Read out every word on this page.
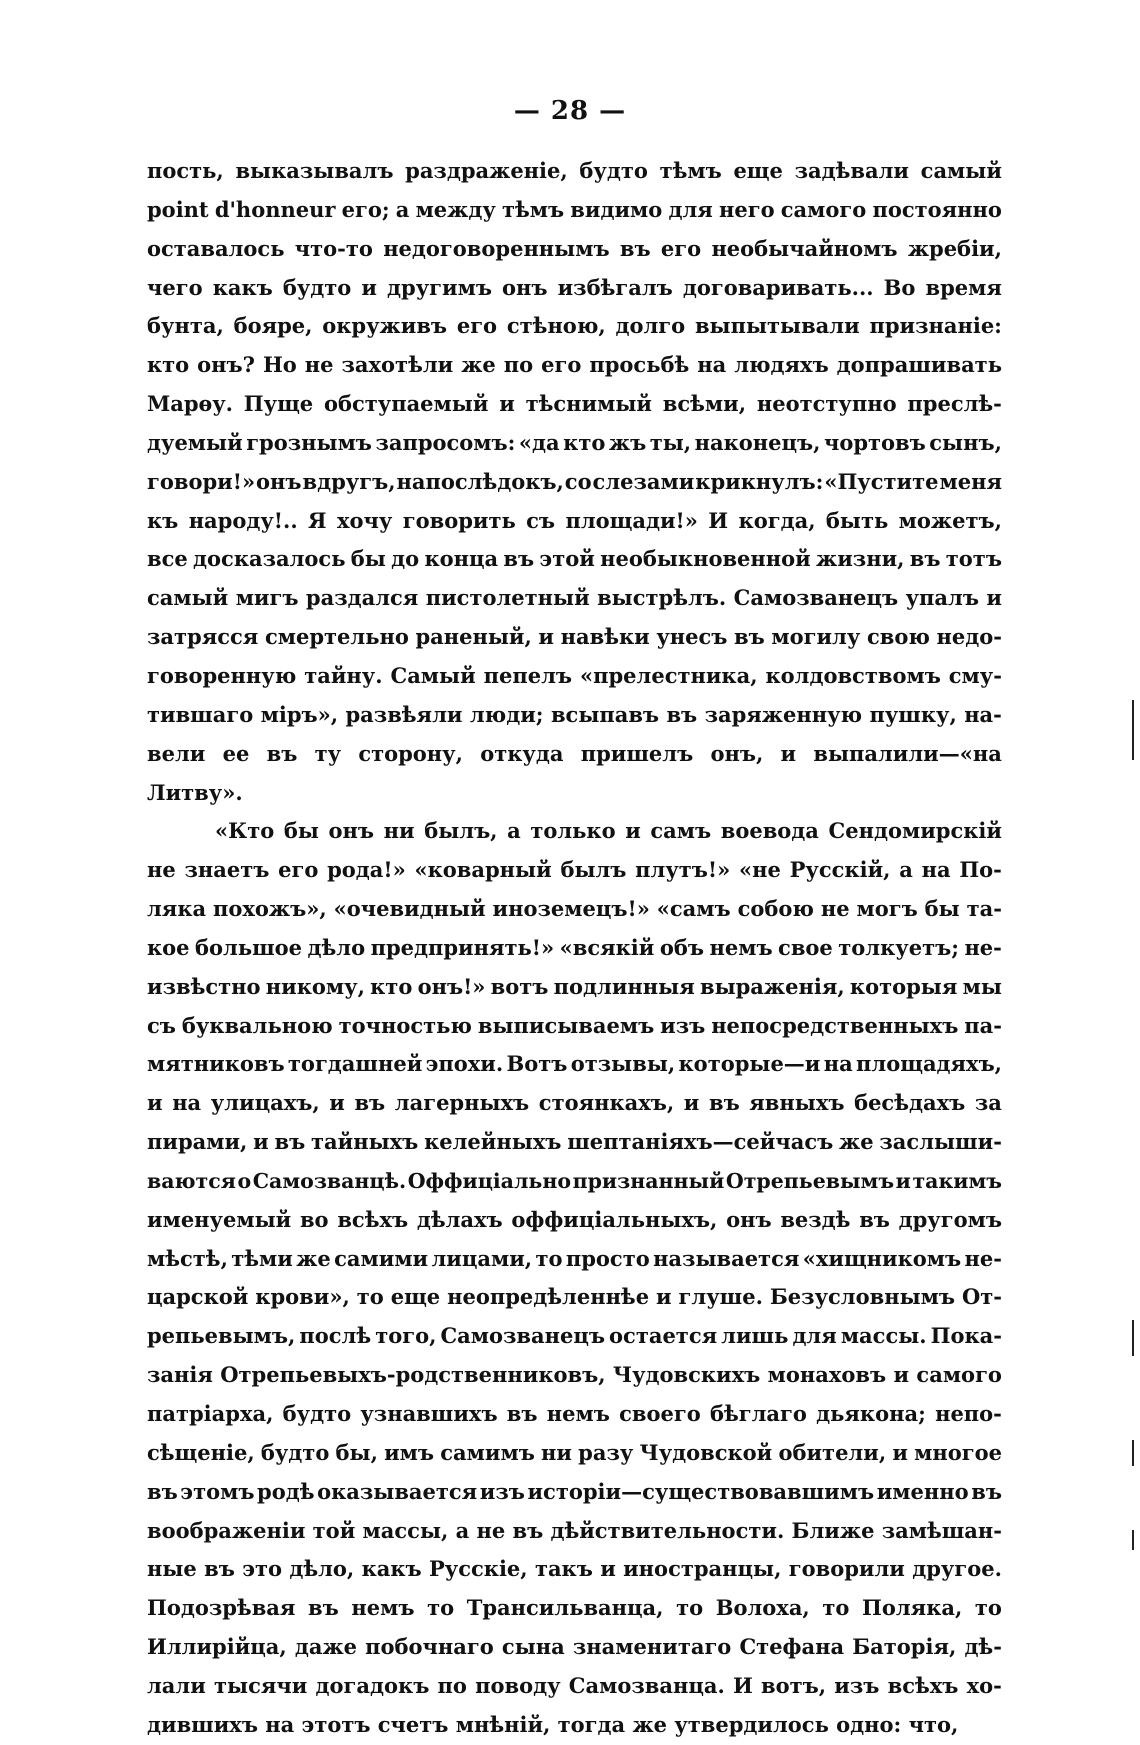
— 28 —
пость, выказывалъ раздраженіе, будто тѣмъ еще задѣвали самый
point d'honneur его; а между тѣмъ видимо для него самого постоянно
оставалось что-то недоговореннымъ въ его необычайномъ жребіи,
чего какъ будто и другимъ онъ избѣгалъ договаривать... Во время
бунта, бояре, окруживъ его стѣною, долго выпытывали признаніе:
кто онъ? Но не захотѣли же по его просьбѣ на людяхъ допрашивать
Марѳу. Пуще обступаемый и тѣснимый всѣми, неотступно преслѣ-
дуемый грознымъ запросомъ: «да кто жъ ты, наконецъ, чортовъ сынъ,
говори!» онъ вдругъ, напослѣдокъ, со слезами крикнулъ: «Пустите меня
къ народу!.. Я хочу говорить съ площади!» И когда, быть можетъ,
все досказалось бы до конца въ этой необыкновенной жизни, въ тотъ
самый мигъ раздался пистолетный выстрѣлъ. Самозванецъ упалъ и
затрясся смертельно раненый, и навѣки унесъ въ могилу свою недо-
говоренную тайну. Самый пепелъ «прелестника, колдовствомъ сму-
тившаго міръ», развѣяли люди; всыпавъ въ заряженную пушку, на-
вели ее въ ту сторону, откуда пришелъ онъ, и выпалили—«на
Литву».
«Кто бы онъ ни былъ, а только и самъ воевода Сендомирскій
не знаетъ его рода!» «коварный былъ плутъ!» «не Русскій, а на По-
ляка похожъ», «очевидный иноземецъ!» «самъ собою не могъ бы та-
кое большое дѣло предпринять!» «всякій объ немъ свое толкуетъ; не-
извѣстно никому, кто онъ!» вотъ подлинныя выраженія, которыя мы
съ буквальною точностью выписываемъ изъ непосредственныхъ па-
мятниковъ тогдашней эпохи. Вотъ отзывы, которые—и на площадяхъ,
и на улицахъ, и въ лагерныхъ стоянкахъ, и въ явныхъ бесѣдахъ за
пирами, и въ тайныхъ келейныхъ шептаніяхъ—сейчасъ же заслыши-
ваются о Самозванцѣ. Оффиціально признанный Отрепьевымъ и такимъ
именуемый во всѣхъ дѣлахъ оффиціальныхъ, онъ вездѣ въ другомъ
мѣстѣ, тѣми же самими лицами, то просто называется «хищникомъ не-
царской крови», то еще неопредѣленнѣе и глуше. Безусловнымъ От-
репьевымъ, послѣ того, Самозванецъ остается лишь для массы. Пока-
занія Отрепьевыхъ-родственниковъ, Чудовскихъ монаховъ и самого
патріарха, будто узнавшихъ въ немъ своего бѣглаго дьякона; непо-
сѣщеніе, будто бы, имъ самимъ ни разу Чудовской обители, и многое
въ этомъ родѣ оказывается изъ исторіи—существовавшимъ именно въ
воображеніи той массы, а не въ дѣйствительности. Ближе замѣшан-
ные въ это дѣло, какъ Русскіе, такъ и иностранцы, говорили другое.
Подозрѣвая въ немъ то Трансильванца, то Волоха, то Поляка, то
Иллирійца, даже побочнаго сына знаменитаго Стефана Баторія, дѣ-
лали тысячи догадокъ по поводу Самозванца. И вотъ, изъ всѣхъ хо-
дившихъ на этотъ счетъ мнѣній, тогда же утвердилось одно: что,
